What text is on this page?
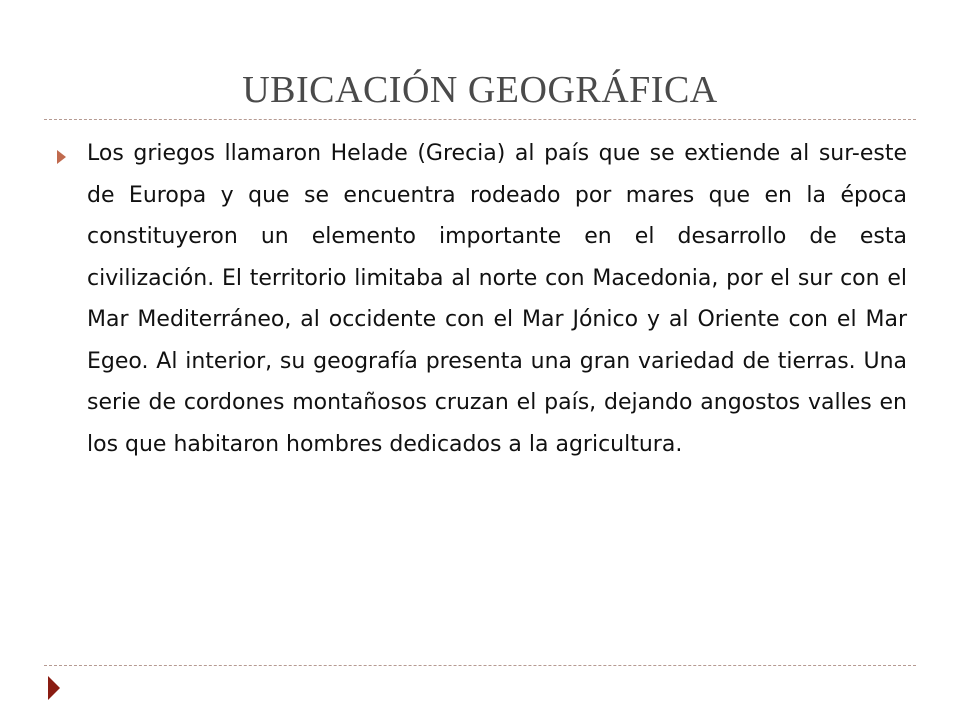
UBICACIÓN GEOGRÁFICA

Los griegos llamaron Helade (Grecia) al país que se extiende al sur-este de Europa y que se encuentra rodeado por mares que en la época constituyeron un elemento importante en el desarrollo de esta civilización. El territorio limitaba al norte con Macedonia, por el sur con el Mar Mediterráneo, al occidente con el Mar Jónico y al Oriente con el Mar Egeo. Al interior, su geografía presenta una gran variedad de tierras. Una serie de cordones montañosos cruzan el país, dejando angostos valles en los que habitaron hombres dedicados a la agricultura.
